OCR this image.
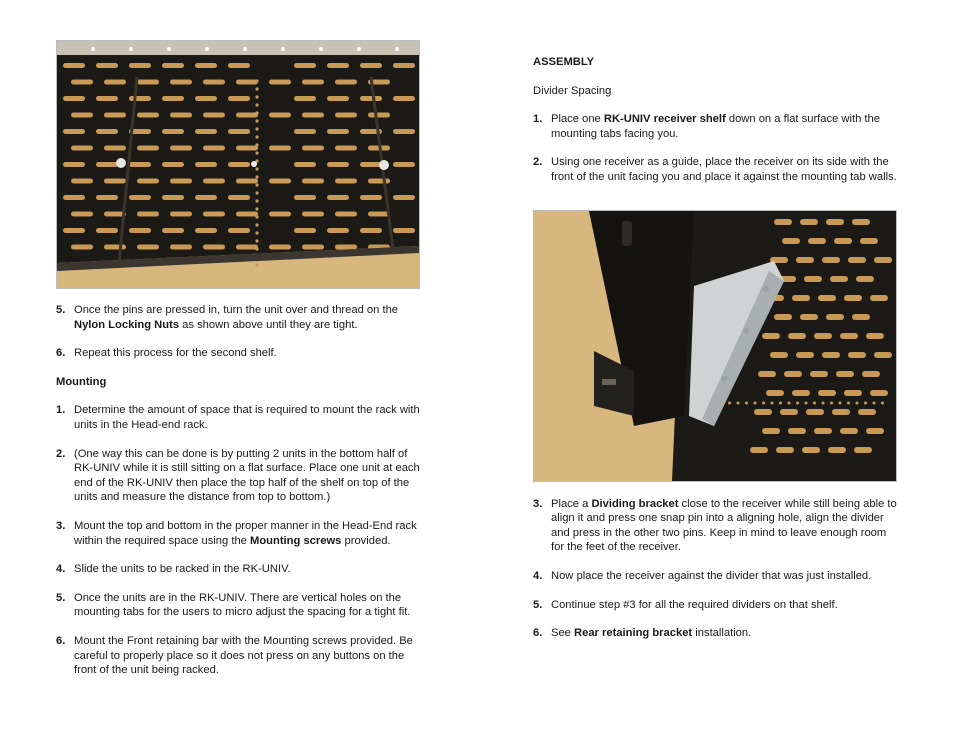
5. Once the pins are pressed in, turn the unit over and thread on the Nylon Locking Nuts as shown above until they are tight.

6. Repeat this process for the second shelf.

Mounting

1. Determine the amount of space that is required to mount the rack with units in the Head-end rack.

2. (One way this can be done is by putting 2 units in the bottom half of RK-UNIV while it is still sitting on a flat surface. Place one unit at each end of the RK-UNIV then place the top half of the shelf on top of the units and measure the distance from top to bottom.)

3. Mount the top and bottom in the proper manner in the Head-End rack within the required space using the Mounting screws provided.

4. Slide the units to be racked in the RK-UNIV.

5. Once the units are in the RK-UNIV. There are vertical holes on the mounting tabs for the users to micro adjust the spacing for a tight fit.

6. Mount the Front retaining bar with the Mounting screws provided. Be careful to properly place so it does not press on any buttons on the front of the unit being racked.

ASSEMBLY

Divider Spacing

1. Place one RK-UNIV receiver shelf down on a flat surface with the mounting tabs facing you.

2. Using one receiver as a guide, place the receiver on its side with the front of the unit facing you and place it against the mounting tab walls.

3. Place a Dividing bracket close to the receiver while still being able to align it and press one snap pin into a aligning hole, align the divider and press in the other two pins. Keep in mind to leave enough room for the feet of the receiver.

4. Now place the receiver against the divider that was just installed.

5. Continue step #3 for all the required dividers on that shelf.

6. See Rear retaining bracket installation.
